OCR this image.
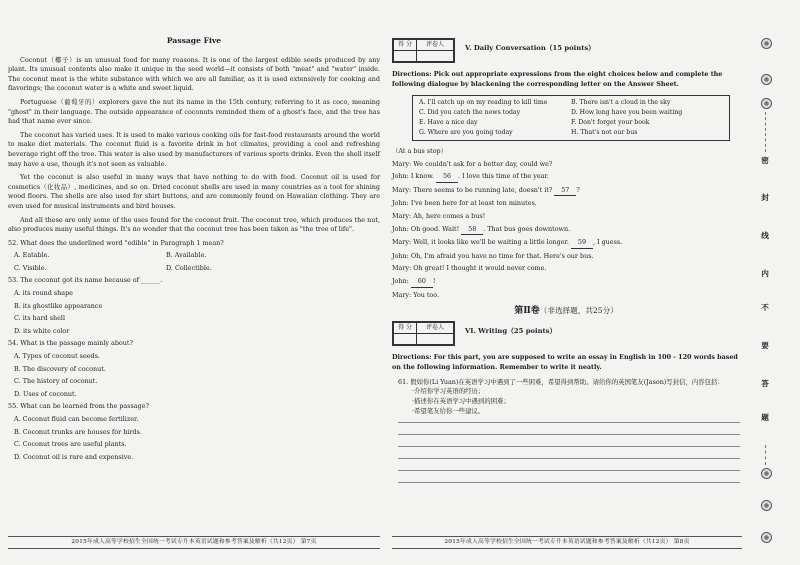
Passage Five
Coconut（椰子）is an unusual food for many reasons. It is one of the largest edible seeds produced by any plant. Its unusual contents also make it unique in the seed world—it consists of both "meat" and "water" inside. The coconut meat is the white substance with which we are all familiar, as it is used extensively for cooking and flavorings; the coconut water is a white and sweet liquid.
Portuguese（葡萄牙的）explorers gave the nut its name in the 15th century, referring to it as coco, meaning "ghost" in their language. The outside appearance of coconuts reminded them of a ghost's face, and the tree has had that name ever since.
The coconut has varied uses. It is used to make various cooking oils for fast-food restaurants around the world to make diet materials. The coconut fluid is a favorite drink in hot climates, providing a cool and refreshing beverage right off the tree. This water is also used by manufacturers of various sports drinks. Even the shell itself may have a use, though it's not seen as valuable.
Yet the coconut is also useful in many ways that have nothing to do with food. Coconut oil is used for cosmetics（化妆品）, medicines, and so on. Dried coconut shells are used in many countries as a tool for shining wood floors. The shells are also used for shirt buttons, and are commonly found on Hawaiian clothing. They are even used for musical instruments and bird houses.
And all these are only some of the uses found for the coconut fruit. The coconut tree, which produces the nut, also produces many useful things. It's no wonder that the coconut tree has been taken as "the tree of life".
52. What does the underlined word "edible" in Paragraph 1 mean?
A. Eatable.	B. Available.
C. Visible.	D. Collectible.
53. The coconut got its name because of ______.
A. its round shape
B. its ghostlike appearance
C. its hard shell
D. its white color
54. What is the passage mainly about?
A. Types of coconut seeds.
B. The discovery of coconut.
C. The history of coconut.
D. Uses of coconut.
55. What can be learned from the passage?
A. Coconut fluid can become fertilizer.
B. Coconut trunks are houses for birds.
C. Coconut trees are useful plants.
D. Coconut oil is rare and expensive.
2015年成人高等学校招生全国统一考试专升本英语试题和参考答案及解析（共12页） 第7页
得 分	评卷人
		V. Daily Conversation（15 points）
Directions: Pick out appropriate expressions from the eight choices below and complete the following dialogue by blackening the corresponding letter on the Answer Sheet.
A. I'll catch up on my reading to kill time	B. There isn't a cloud in the sky
C. Did you catch the news today	D. How long have you been waiting
E. Have a nice day	F. Don't forget your book
G. Where are you going today	H. That's not our bus
（At a bus stop）
Mary: We couldn't ask for a better day, could we?
John: I know. 56 . I love this time of the year.
Mary: There seems to be running late, doesn't it? 57 ?
John: I've been here for at least ten minutes.
Mary: Ah, here comes a bus!
John: Oh good. Wait! 58 . That bus goes downtown.
Mary: Well, it looks like we'll be waiting a little longer. 59 , I guess.
John: Oh, I'm afraid you have no time for that. Here's our bus.
Mary: Oh great! I thought it would never come.
John: 60 !
Mary: You too.
第Ⅱ卷（非选择题，共25分）
得 分	评卷人
		VI. Writing（25 points）
Directions: For this part, you are supposed to write an essay in English in 100 - 120 words based on the following information. Remember to write it neatly.
61. 假如你(Li Yuan)在英语学习中遇到了一些困难，希望得到帮助。请给你的英国笔友(Jason)写封信，内容包括：
·介绍你学习英语的经历；
·描述你在英语学习中遇到的困难；
·希望笔友给你一些建议。
2015年成人高等学校招生全国统一考试专升本英语试题和参考答案及解析（共12页） 第8页
密
封
线
内
不
要
答
题
